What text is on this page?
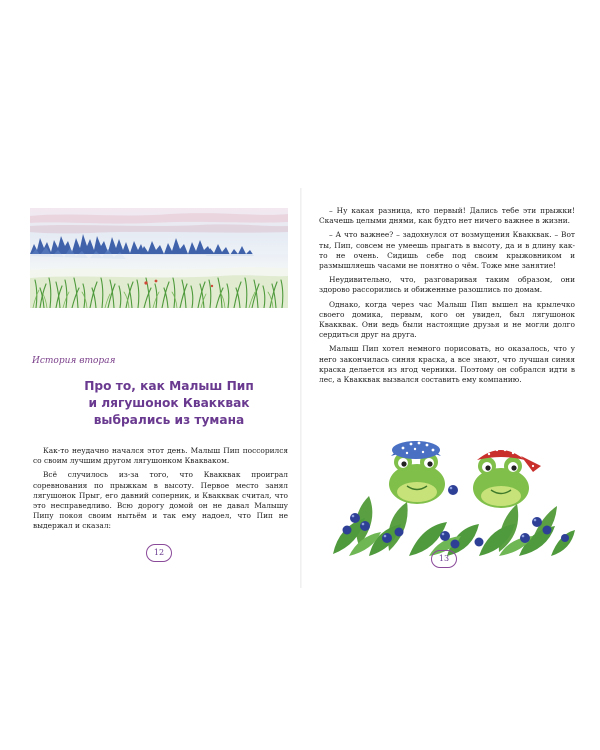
История вторая
Про то, как Малыш Пип
и лягушонок Квакквак
выбрались из тумана

Как-то неудачно начался этот день. Малыш Пип поссорился со своим лучшим другом лягушонком Квакваком.

Всё случилось из-за того, что Квакквак проиграл соревнования по прыжкам в высоту. Первое место занял лягушонок Прыг, его давний соперник, и Квакквак считал, что это несправедливо. Всю дорогу домой он не давал Малышу Пипу покоя своим нытьём и так ему надоел, что Пип не выдержал и сказал:

12

– Ну какая разница, кто первый! Дались тебе эти прыжки! Скачешь целыми днями, как будто нет ничего важнее в жизни.

– А что важнее? – задохнулся от возмущения Квакквак. – Вот ты, Пип, совсем не умеешь прыгать в высоту, да и в длину как-то не очень. Сидишь себе под своим крыжовником и размышляешь часами не понятно о чём. Тоже мне занятие!

Неудивительно, что, разговаривая таким образом, они здорово рассорились и обиженные разошлись по домам.

Однако, когда через час Малыш Пип вышел на крылечко своего домика, первым, кого он увидел, был лягушонок Квакквак. Они ведь были настоящие друзья и не могли долго сердиться друг на друга.

Малыш Пип хотел немного порисовать, но оказалось, что у него закончилась синяя краска, а все знают, что лучшая синяя краска делается из ягод черники. Поэтому он собрался идти в лес, а Квакквак вызвался составить ему компанию.

13
